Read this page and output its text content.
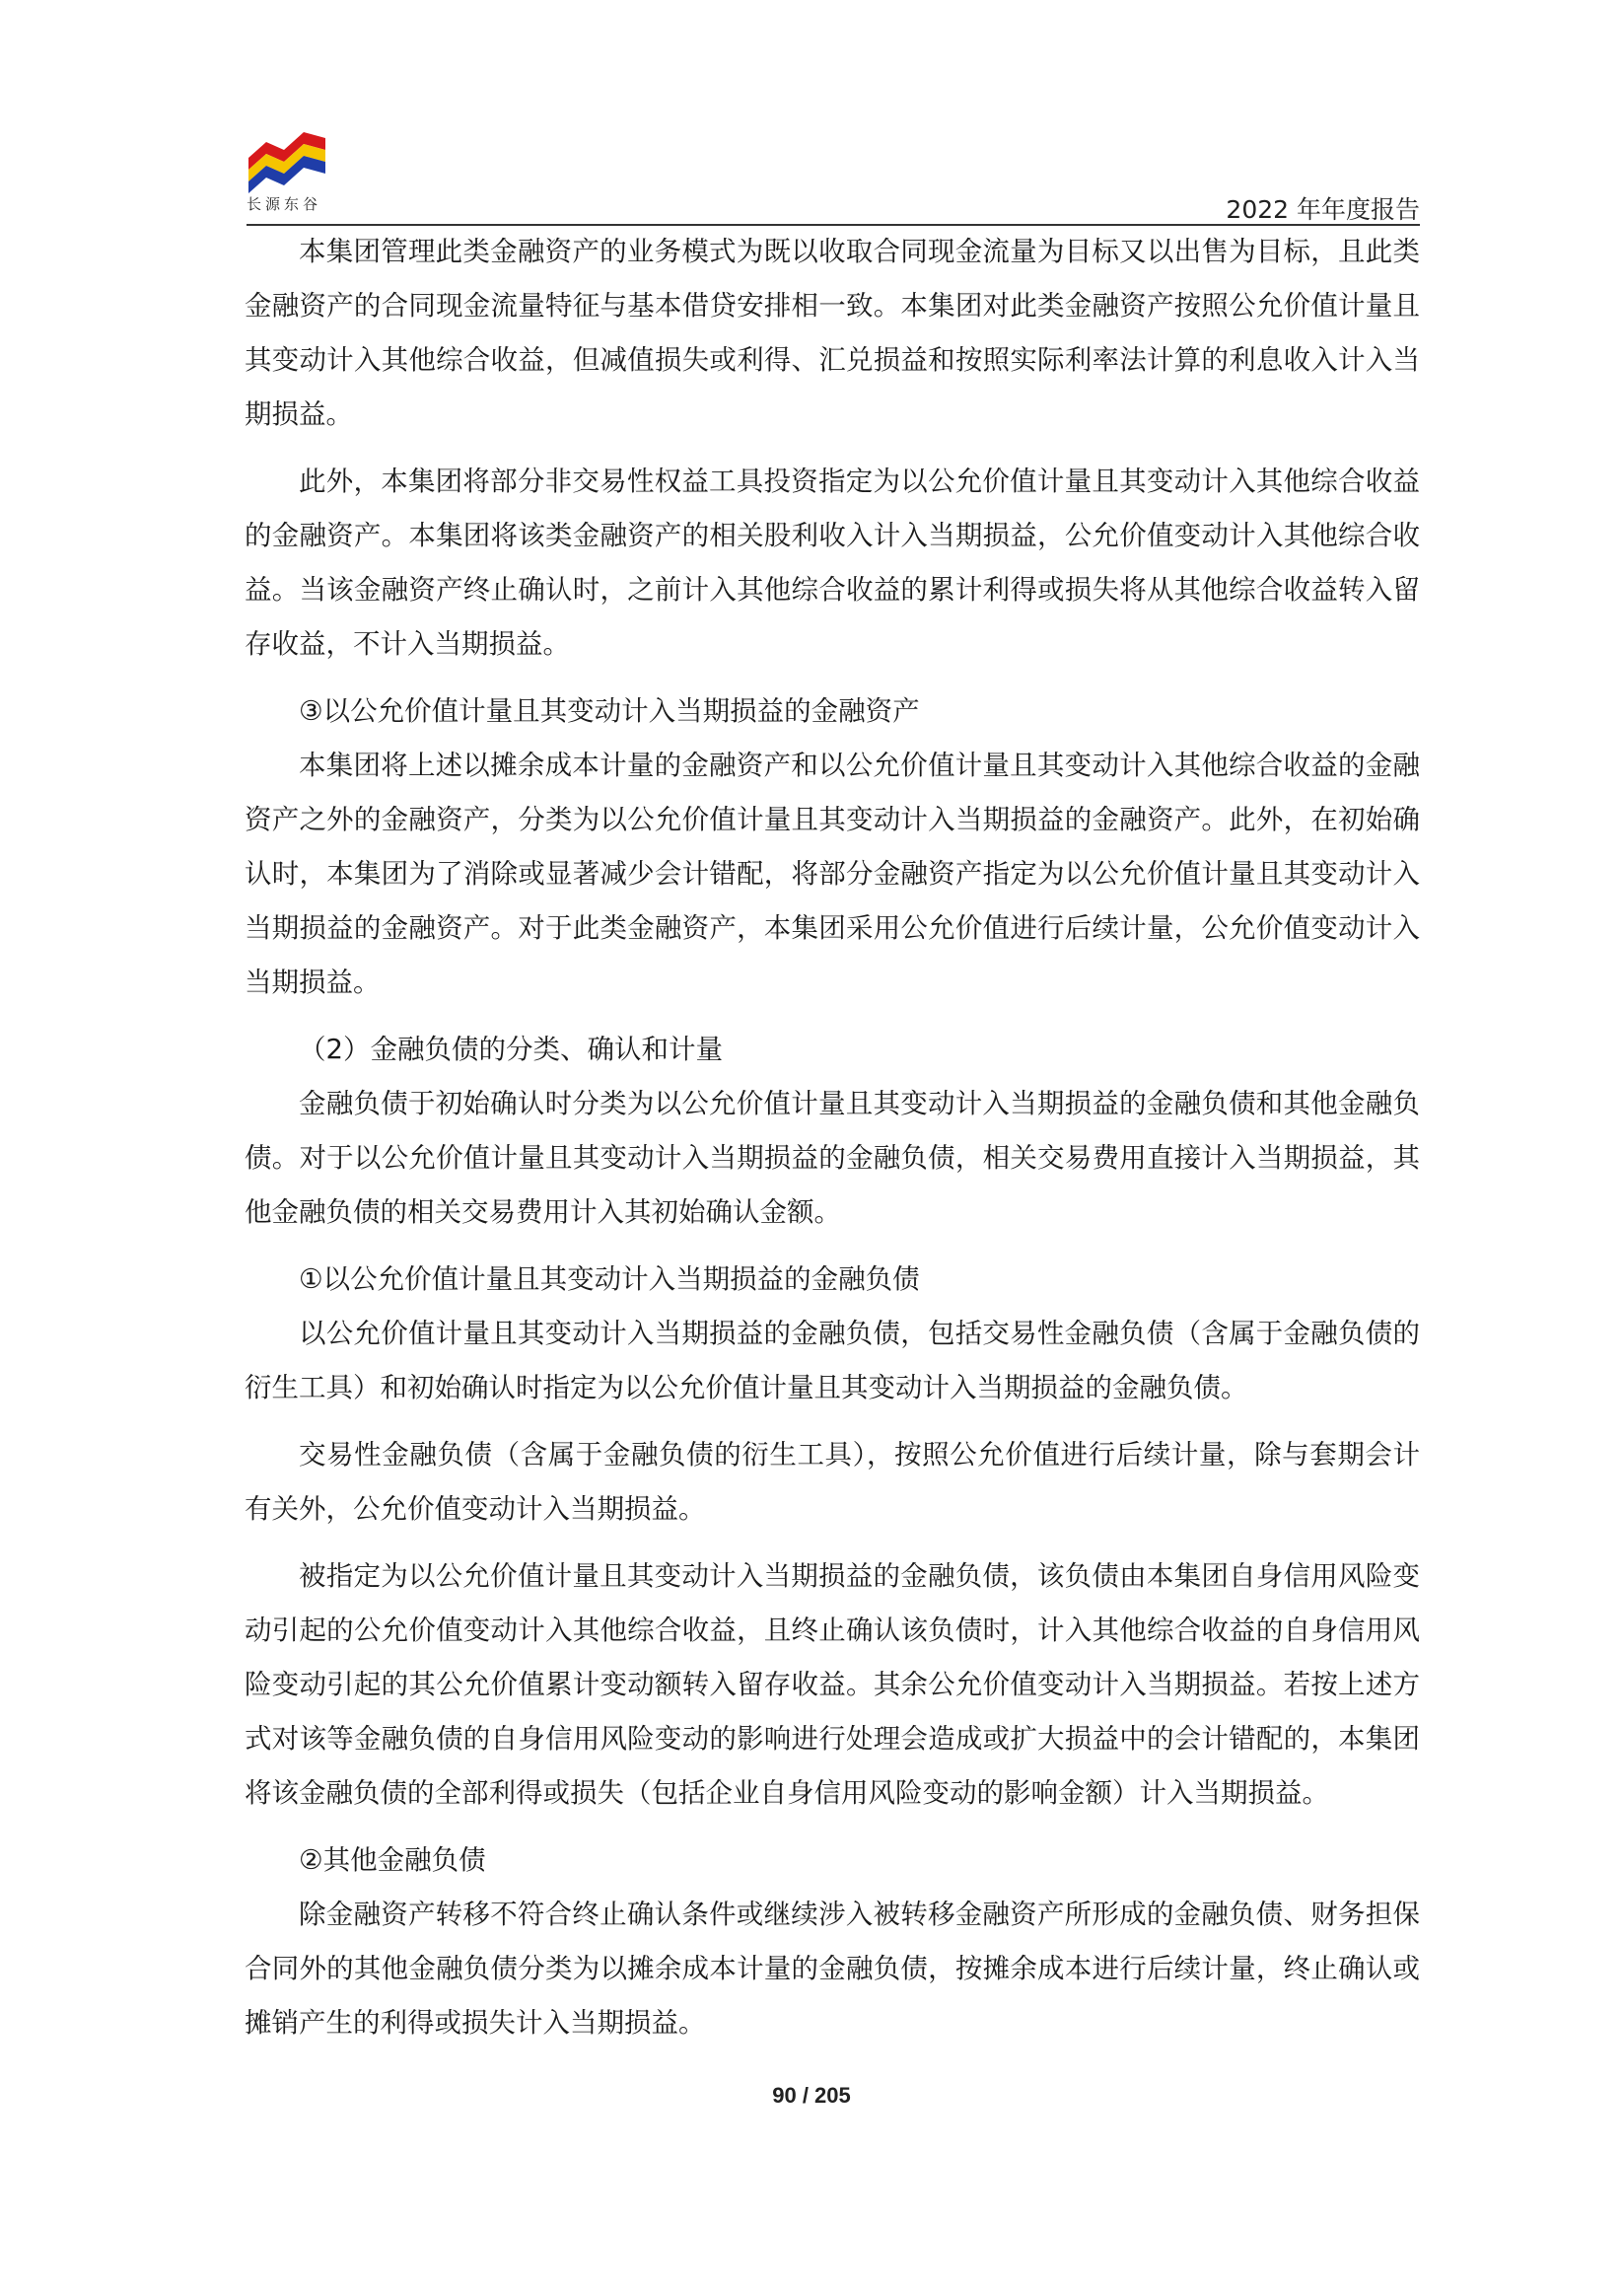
长源东谷	2022 年年度报告

本集团管理此类金融资产的业务模式为既以收取合同现金流量为目标又以出售为目标，且此类金融资产的合同现金流量特征与基本借贷安排相一致。本集团对此类金融资产按照公允价值计量且其变动计入其他综合收益，但减值损失或利得、汇兑损益和按照实际利率法计算的利息收入计入当期损益。

此外，本集团将部分非交易性权益工具投资指定为以公允价值计量且其变动计入其他综合收益的金融资产。本集团将该类金融资产的相关股利收入计入当期损益，公允价值变动计入其他综合收益。当该金融资产终止确认时，之前计入其他综合收益的累计利得或损失将从其他综合收益转入留存收益，不计入当期损益。

③以公允价值计量且其变动计入当期损益的金融资产

本集团将上述以摊余成本计量的金融资产和以公允价值计量且其变动计入其他综合收益的金融资产之外的金融资产，分类为以公允价值计量且其变动计入当期损益的金融资产。此外，在初始确认时，本集团为了消除或显著减少会计错配，将部分金融资产指定为以公允价值计量且其变动计入当期损益的金融资产。对于此类金融资产，本集团采用公允价值进行后续计量，公允价值变动计入当期损益。

（2）金融负债的分类、确认和计量

金融负债于初始确认时分类为以公允价值计量且其变动计入当期损益的金融负债和其他金融负债。对于以公允价值计量且其变动计入当期损益的金融负债，相关交易费用直接计入当期损益，其他金融负债的相关交易费用计入其初始确认金额。

①以公允价值计量且其变动计入当期损益的金融负债

以公允价值计量且其变动计入当期损益的金融负债，包括交易性金融负债（含属于金融负债的衍生工具）和初始确认时指定为以公允价值计量且其变动计入当期损益的金融负债。

交易性金融负债（含属于金融负债的衍生工具），按照公允价值进行后续计量，除与套期会计有关外，公允价值变动计入当期损益。

被指定为以公允价值计量且其变动计入当期损益的金融负债，该负债由本集团自身信用风险变动引起的公允价值变动计入其他综合收益，且终止确认该负债时，计入其他综合收益的自身信用风险变动引起的其公允价值累计变动额转入留存收益。其余公允价值变动计入当期损益。若按上述方式对该等金融负债的自身信用风险变动的影响进行处理会造成或扩大损益中的会计错配的，本集团将该金融负债的全部利得或损失（包括企业自身信用风险变动的影响金额）计入当期损益。

②其他金融负债

除金融资产转移不符合终止确认条件或继续涉入被转移金融资产所形成的金融负债、财务担保合同外的其他金融负债分类为以摊余成本计量的金融负债，按摊余成本进行后续计量，终止确认或摊销产生的利得或损失计入当期损益。

90 / 205
